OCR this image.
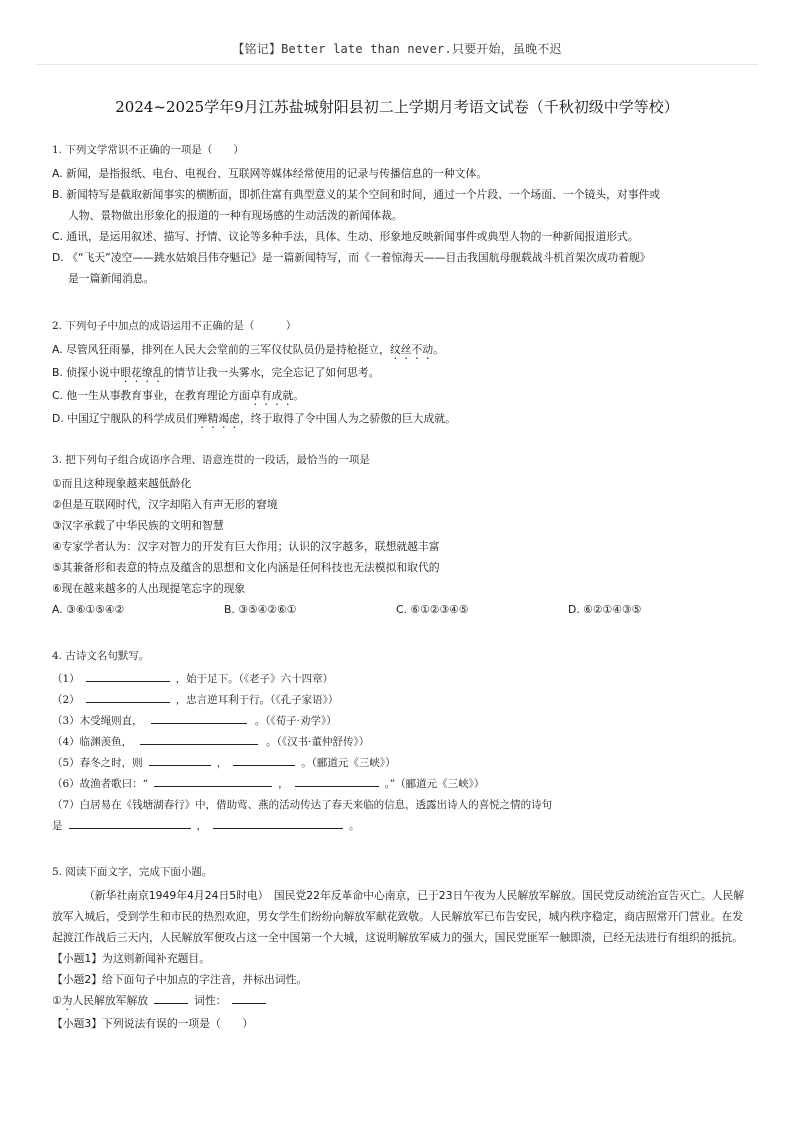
【铭记】Better late than never.只要开始，虽晚不迟
2024~2025学年9月江苏盐城射阳县初二上学期月考语文试卷（千秋初级中学等校）
1. 下列文学常识不正确的一项是（　　）
A. 新闻，是指报纸、电台、电视台、互联网等媒体经常使用的记录与传播信息的一种文体。
B. 新闻特写是截取新闻事实的横断面，即抓住富有典型意义的某个空间和时间，通过一个片段、一个场面、一个镜头，对事件或
人物、景物做出形象化的报道的一种有现场感的生动活泼的新闻体裁。
C. 通讯，是运用叙述、描写、抒情、议论等多种手法，具体、生动、形象地反映新闻事件或典型人物的一种新闻报道形式。
D. 《“飞天”凌空——跳水姑娘吕伟夺魁记》是一篇新闻特写，而《一着惊海天——目击我国航母舰载战斗机首架次成功着舰》
是一篇新闻消息。
2. 下列句子中加点的成语运用不正确的是（　　　）
A. 尽管风狂雨暴，排列在人民大会堂前的三军仪仗队员仍是持枪挺立，纹丝不动。
B. 侦探小说中眼花缭乱的情节让我一头雾水，完全忘记了如何思考。
C. 他一生从事教育事业，在教育理论方面卓有成就。
D. 中国辽宁舰队的科学成员们殚精竭虑，终于取得了令中国人为之骄傲的巨大成就。
3. 把下列句子组合成语序合理、语意连贯的一段话，最恰当的一项是
①而且这种现象越来越低龄化
②但是互联网时代，汉字却陷入有声无形的窘境
③汉字承载了中华民族的文明和智慧
④专家学者认为：汉字对智力的开发有巨大作用；认识的汉字越多，联想就越丰富
⑤其兼备形和表意的特点及蕴含的思想和文化内涵是任何科技也无法模拟和取代的
⑥现在越来越多的人出现提笔忘字的现象
A. ③⑥①⑤④②	B. ③⑤④②⑥①	C. ⑥①②③④⑤	D. ⑥②①④③⑤
4. 古诗文名句默写。
（1）	，始于足下。（《老子》六十四章）
（2）	，忠言逆耳利于行。（《孔子家语》）
（3）木受绳则直，	。（《荀子·劝学》）
（4）临渊羡鱼，	。（《汉书·董仲舒传》）
（5）春冬之时，则	，	。（郦道元《三峡》）
（6）故渔者歌曰：“	，	。”（郦道元《三峡》）
（7）白居易在《钱塘湖春行》中，借助莺、燕的活动传达了春天来临的信息，透露出诗人的喜悦之情的诗句
是	，	。
5. 阅读下面文字，完成下面小题。
（新华社南京1949年4月24日5时电）　国民党22年反革命中心南京，已于23日午夜为人民解放军解放。国民党反动统治宣告灭亡。人民解放军入城后，受到学生和市民的热烈欢迎，男女学生们纷纷向解放军献花致敬。人民解放军已布告安民，城内秩序稳定，商店照常开门营业。在发起渡江作战后三天内，人民解放军便攻占这一全中国第一个大城，这说明解放军威力的强大，国民党匪军一触即溃，已经无法进行有组织的抵抗。
【小题1】为这则新闻补充题目。
【小题2】给下面句子中加点的字注音，并标出词性。
①为人民解放军解放	词性：
【小题3】下列说法有误的一项是（　　）
